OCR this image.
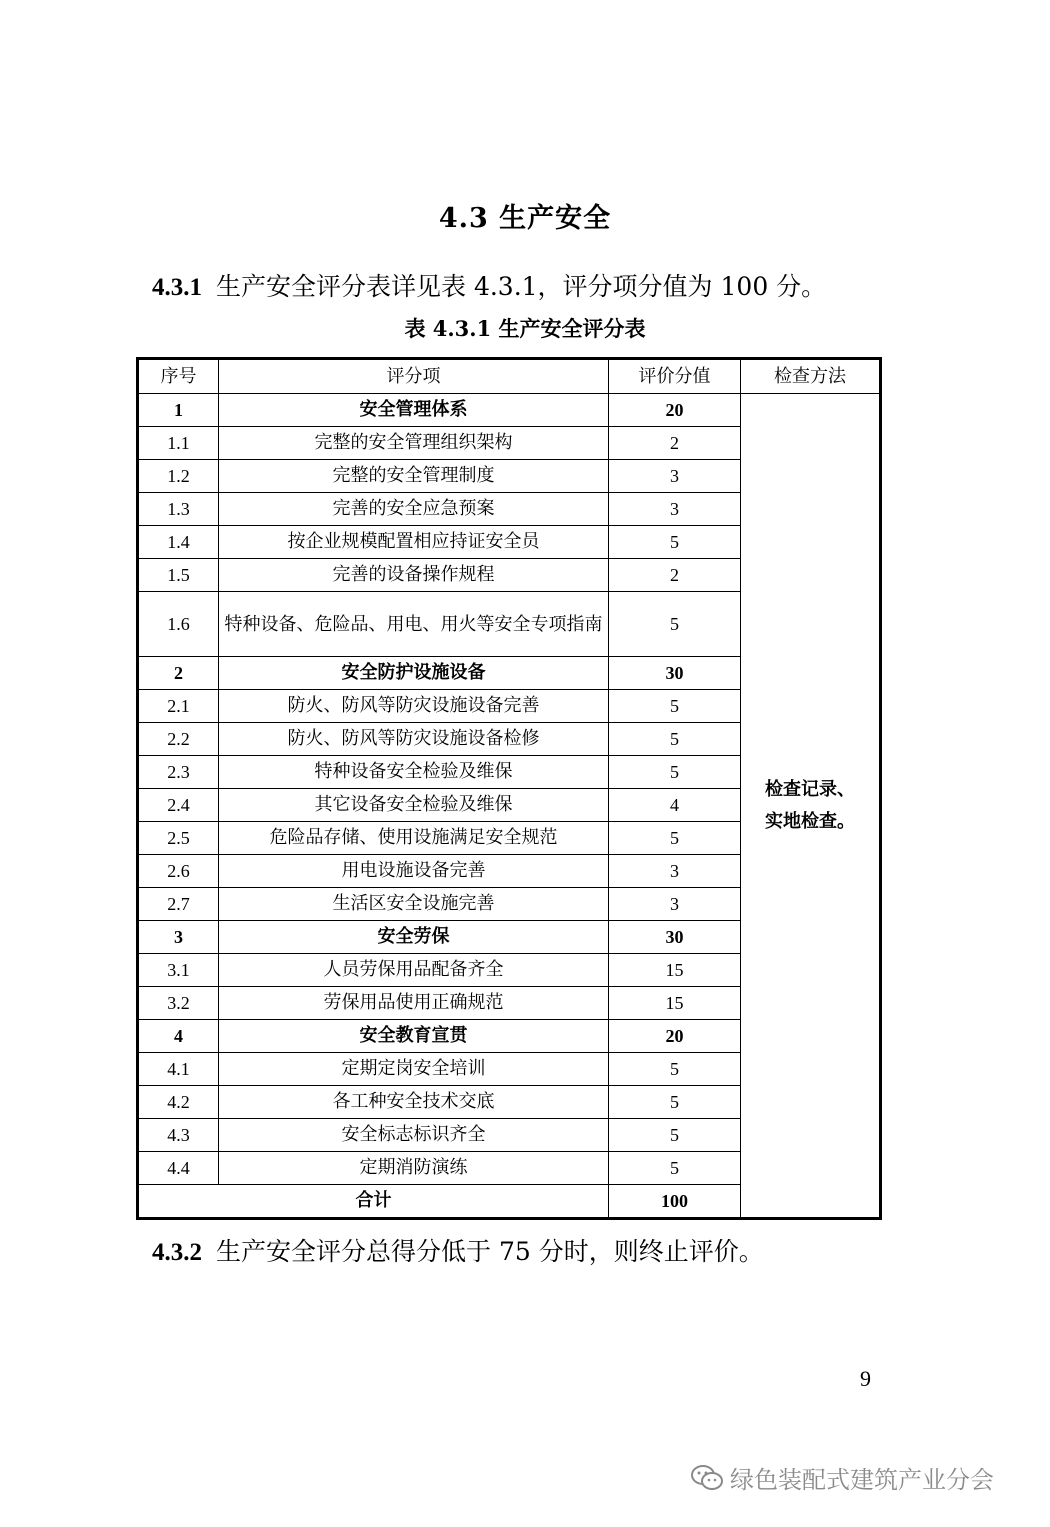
4.3 生产安全
4.3.1 生产安全评分表详见表 4.3.1，评分项分值为 100 分。
表 4.3.1 生产安全评分表
序号	评分项	评价分值	检查方法
1	安全管理体系	20	检查记录、实地检查。
1.1	完整的安全管理组织架构	2	
1.2	完整的安全管理制度	3	
1.3	完善的安全应急预案	3	
1.4	按企业规模配置相应持证安全员	5	
1.5	完善的设备操作规程	2	
1.6	特种设备、危险品、用电、用火等安全专项指南	5	
2	安全防护设施设备	30	
2.1	防火、防风等防灾设施设备完善	5	
2.2	防火、防风等防灾设施设备检修	5	
2.3	特种设备安全检验及维保	5	
2.4	其它设备安全检验及维保	4	
2.5	危险品存储、使用设施满足安全规范	5	
2.6	用电设施设备完善	3	
2.7	生活区安全设施完善	3	
3	安全劳保	30	
3.1	人员劳保用品配备齐全	15	
3.2	劳保用品使用正确规范	15	
4	安全教育宣贯	20	
4.1	定期定岗安全培训	5	
4.2	各工种安全技术交底	5	
4.3	安全标志标识齐全	5	
4.4	定期消防演练	5	
合计		100	
4.3.2 生产安全评分总得分低于 75 分时，则终止评价。
9
绿色装配式建筑产业分会
